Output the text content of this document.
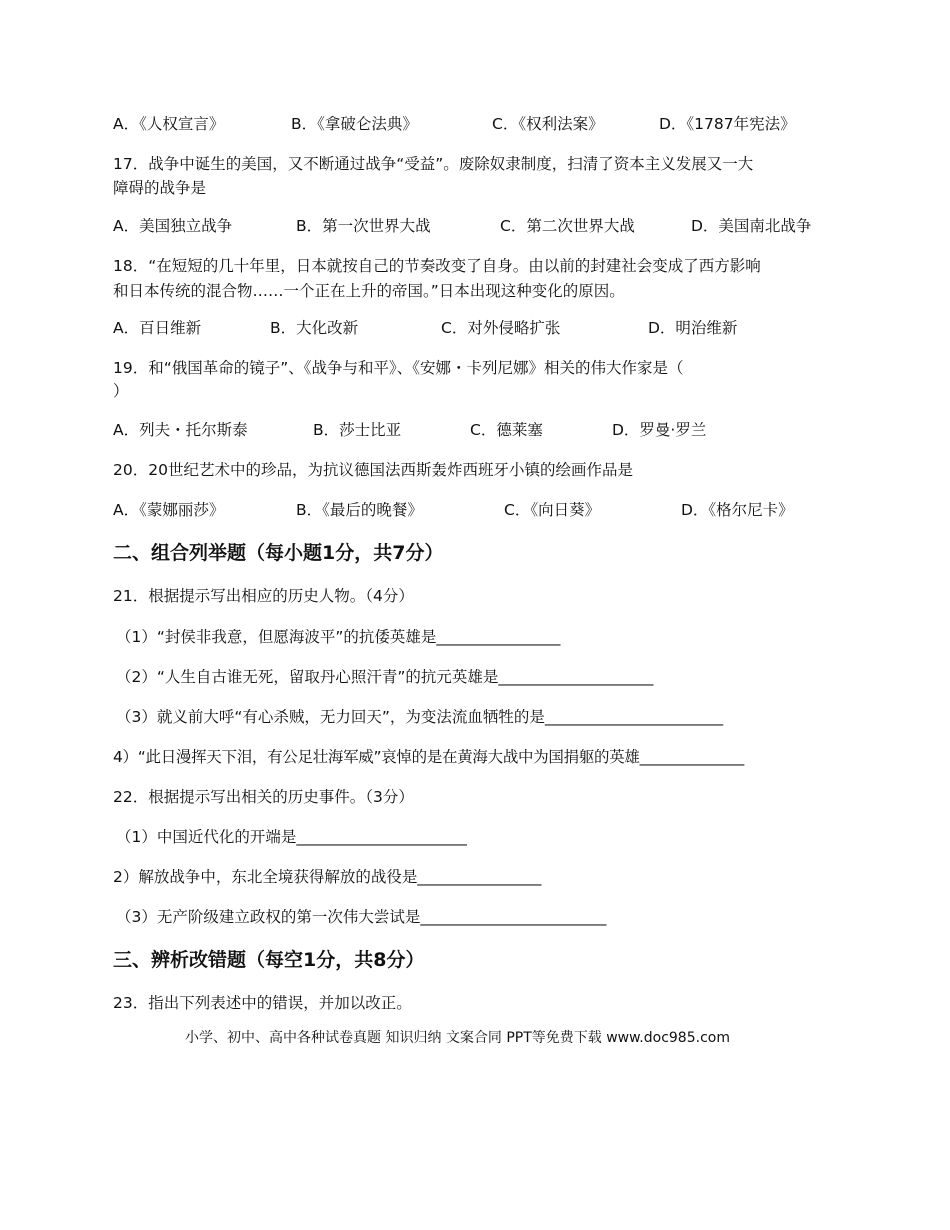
A．《人权宣言》	B．《拿破仑法典》	C．《权利法案》	D．《1787年宪法》
17．战争中诞生的美国，又不断通过战争“受益”。废除奴隶制度，扫清了资本主义发展又一大
障碍的战争是
A．美国独立战争	B．第一次世界大战	C．第二次世界大战	D．美国南北战争
18．“在短短的几十年里，日本就按自己的节奏改变了自身。由以前的封建社会变成了西方影响
和日本传统的混合物……一个正在上升的帝国。”日本出现这种变化的原因。
A．百日维新	B．大化改新	C．对外侵略扩张	D．明治维新
19．和“俄国革命的镜子”、《战争与和平》、《安娜・卡列尼娜》相关的伟大作家是（
）
A．列夫・托尔斯泰	B．莎士比亚	C．德莱塞	D．罗曼·罗兰
20．20世纪艺术中的珍品，为抗议德国法西斯轰炸西班牙小镇的绘画作品是
A．《蒙娜丽莎》	B．《最后的晚餐》	C．《向日葵》	D．《格尔尼卡》
二、组合列举题（每小题1分，共7分）
21．根据提示写出相应的历史人物。（4分）
（1）“封侯非我意，但愿海波平”的抗倭英雄是________________
（2）“人生自古谁无死，留取丹心照汗青”的抗元英雄是____________________
（3）就义前大呼“有心杀贼，无力回天”，为变法流血牺牲的是_______________________
4）“此日漫挥天下泪，有公足壮海军威”哀悼的是在黄海大战中为国捐躯的英雄______________
22．根据提示写出相关的历史事件。（3分）
（1）中国近代化的开端是______________________
2）解放战争中，东北全境获得解放的战役是________________
（3）无产阶级建立政权的第一次伟大尝试是________________________
三、辨析改错题（每空1分，共8分）
23．指出下列表述中的错误，并加以改正。
小学、初中、高中各种试卷真题 知识归纳 文案合同 PPT等免费下载 www.doc985.com
